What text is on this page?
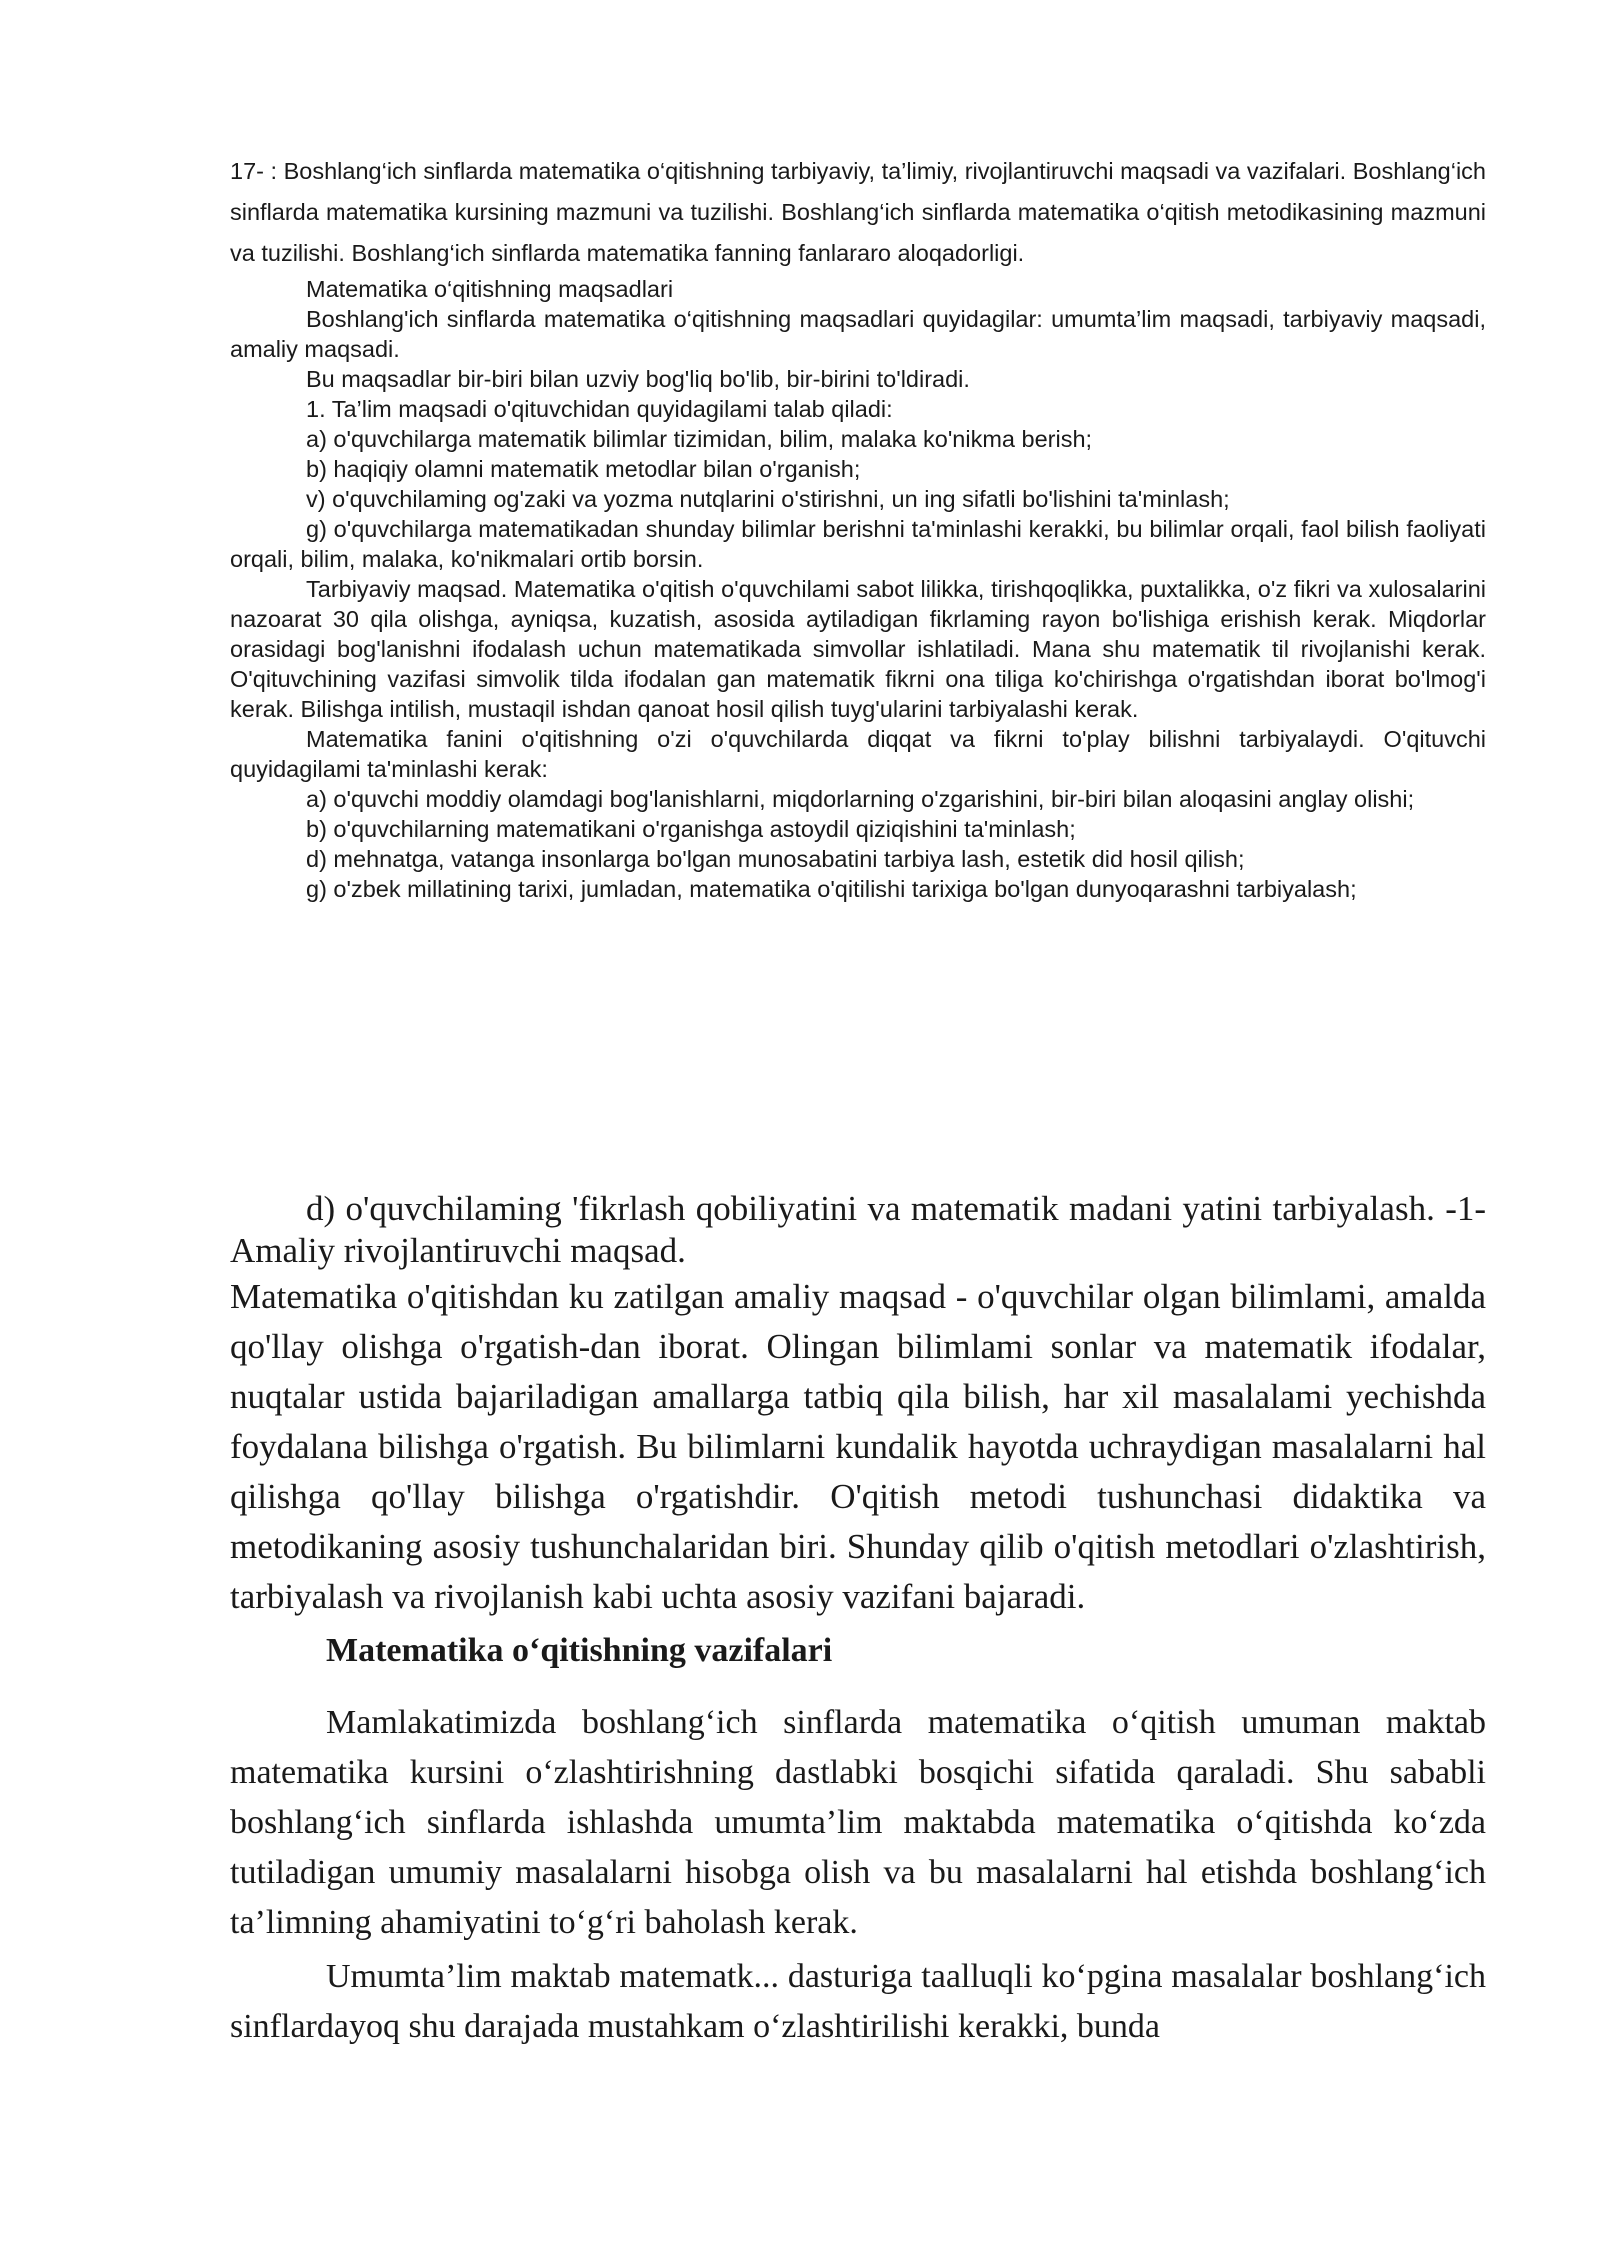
17- : Boshlang‘ich sinflarda matematika o‘qitishning tarbiyaviy, ta’limiy, rivojlantiruvchi maqsadi va vazifalari. Boshlang‘ich sinflarda matematika kursining mazmuni va tuzilishi. Boshlang‘ich sinflarda matematika o‘qitish metodikasining mazmuni va tuzilishi. Boshlang‘ich sinflarda matematika fanning fanlararo aloqadorligi.

Matematika o‘qitishning maqsadlari

Boshlang'ich sinflarda matematika o‘qitishning maqsadlari quyidagilar: umumta’lim maqsadi, tarbiyaviy maqsadi, amaliy maqsadi.

Bu maqsadlar bir-biri bilan uzviy bog'liq bo'lib, bir-birini to'ldiradi.

1. Ta’lim maqsadi o'qituvchidan quyidagilami talab qiladi:

a) o'quvchilarga matematik bilimlar tizimidan, bilim, malaka ko'nikma berish;

b) haqiqiy olamni matematik metodlar bilan o'rganish;

v) o'quvchilaming og'zaki va yozma nutqlarini o'stirishni, un ing sifatli bo'lishini ta'minlash;

g) o'quvchilarga matematikadan shunday bilimlar berishni ta'minlashi kerakki, bu bilimlar orqali, faol bilish faoliyati orqali, bilim, malaka, ko'nikmalari ortib borsin.

Tarbiyaviy maqsad. Matematika o'qitish o'quvchilami sabot lilikka, tirishqoqlikka, puxtalikka, o'z fikri va xulosalarini nazoarat 30 qila olishga, ayniqsa, kuzatish, asosida aytiladigan fikrlaming rayon bo'lishiga erishish kerak. Miqdorlar orasidagi bog'lanishni ifodalash uchun matematikada simvollar ishlatiladi. Mana shu matematik til rivojlanishi kerak. O'qituvchining vazifasi simvolik tilda ifodalan gan matematik fikrni ona tiliga ko'chirishga o'rgatishdan iborat bo'lmog'i kerak. Bilishga intilish, mustaqil ishdan qanoat hosil qilish tuyg'ularini tarbiyalashi kerak.

Matematika fanini o'qitishning o'zi o'quvchilarda diqqat va fikrni to'play bilishni tarbiyalaydi. O'qituvchi quyidagilami ta'minlashi kerak:

a) o'quvchi moddiy olamdagi bog'lanishlarni, miqdorlarning o'zgarishini, bir-biri bilan aloqasini anglay olishi;

b) o'quvchilarning matematikani o'rganishga astoydil qiziqishini ta'minlash;

d) mehnatga, vatanga insonlarga bo'lgan munosabatini tarbiya lash, estetik did hosil qilish;

g) o'zbek millatining tarixi, jumladan, matematika o'qitilishi tarixiga bo'lgan dunyoqarashni tarbiyalash;

d) o'quvchilaming 'fikrlash qobiliyatini va matematik madani yatini tarbiyalash. -1-Amaliy rivojlantiruvchi maqsad.

Matematika o'qitishdan ku zatilgan amaliy maqsad - o'quvchilar olgan bilimlami, amalda qo'llay olishga o'rgatish-dan iborat. Olingan bilimlami sonlar va matematik ifodalar, nuqtalar ustida bajariladigan amallarga tatbiq qila bilish, har xil masalalami yechishda foydalana bilishga o'rgatish. Bu bilimlarni kundalik hayotda uchraydigan masalalarni hal qilishga qo'llay bilishga o'rgatishdir. O'qitish metodi tushunchasi didaktika va metodikaning asosiy tushunchalaridan biri. Shunday qilib o'qitish metodlari o'zlashtirish, tarbiyalash va rivojlanish kabi uchta asosiy vazifani bajaradi.

Matematika o‘qitishning vazifalari

Mamlakatimizda boshlang‘ich sinflarda matematika o‘qitish umuman maktab matematika kursini o‘zlashtirishning dastlabki bosqichi sifatida qaraladi. Shu sababli boshlang‘ich sinflarda ishlashda umumta’lim maktabda matematika o‘qitishda ko‘zda tutiladigan umumiy masalalarni hisobga olish va bu masalalarni hal etishda boshlang‘ich ta’limning ahamiyatini to‘g‘ri baholash kerak.

Umumta’lim maktab matematk... dasturiga taalluqli ko‘pgina masalalar boshlang‘ich sinflardayoq shu darajada mustahkam o‘zlashtirilishi kerakki, bunda
